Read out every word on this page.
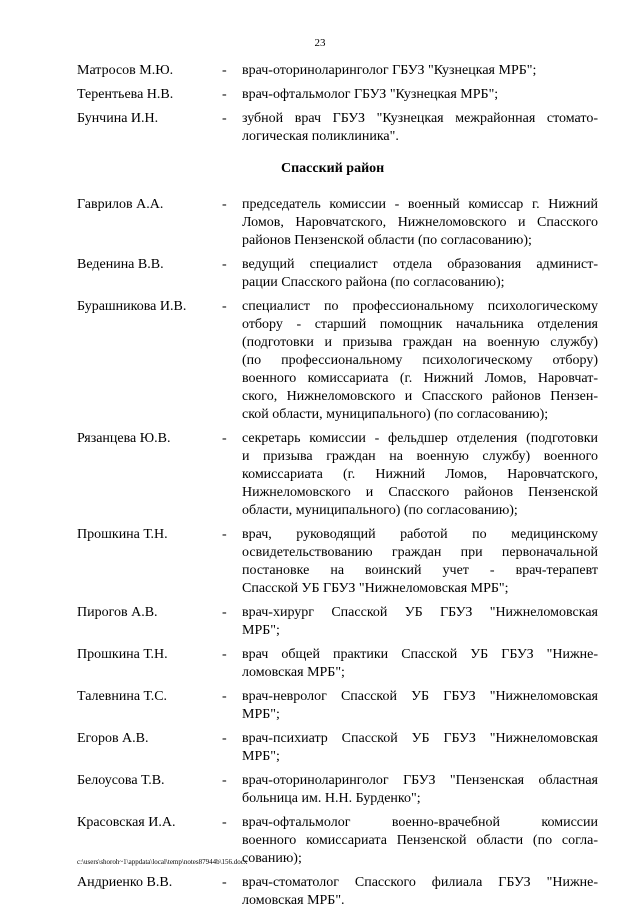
23
Матросов М.Ю.	-	врач-оториноларинголог ГБУЗ "Кузнецкая МРБ";
Терентьева Н.В.	-	врач-офтальмолог ГБУЗ "Кузнецкая МРБ";
Бунчина И.Н.	-	зубной врач ГБУЗ "Кузнецкая межрайонная стомато-
логическая поликлиника".
Спасский район
Гаврилов А.А.	-	председатель комиссии - военный комиссар г. Нижний
Ломов, Наровчатского, Нижнеломовского и Спасского
районов Пензенской области (по согласованию);
Веденина В.В.	-	ведущий специалист отдела образования админист-
рации Спасского района (по согласованию);
Бурашникова И.В.	-	специалист по профессиональному психологическому
отбору - старший помощник начальника отделения
(подготовки и призыва граждан на военную службу)
(по профессиональному психологическому отбору)
военного комиссариата (г. Нижний Ломов, Наровчат-
ского, Нижнеломовского и Спасского районов Пензен-
ской области, муниципального) (по согласованию);
Рязанцева Ю.В.	-	секретарь комиссии - фельдшер отделения (подготовки
и призыва граждан на военную службу) военного
комиссариата (г. Нижний Ломов, Наровчатского,
Нижнеломовского и Спасского районов Пензенской
области, муниципального) (по согласованию);
Прошкина Т.Н.	-	врач, руководящий работой по медицинскому
освидетельствованию граждан при первоначальной
постановке на воинский учет - врач-терапевт
Спасской УБ ГБУЗ "Нижнеломовская МРБ";
Пирогов А.В.	-	врач-хирург Спасской УБ ГБУЗ "Нижнеломовская
МРБ";
Прошкина Т.Н.	-	врач общей практики Спасской УБ ГБУЗ "Нижне-
ломовская МРБ";
Талевнина Т.С.	-	врач-невролог Спасской УБ ГБУЗ "Нижнеломовская
МРБ";
Егоров А.В.	-	врач-психиатр Спасской УБ ГБУЗ "Нижнеломовская
МРБ";
Белоусова Т.В.	-	врач-оториноларинголог ГБУЗ "Пензенская областная
больница им. Н.Н. Бурденко";
Красовская И.А.	-	врач-офтальмолог военно-врачебной комиссии
военного комиссариата Пензенской области (по согла-
сованию);
Андриенко В.В.	-	врач-стоматолог Спасского филиала ГБУЗ "Нижне-
ломовская МРБ".
c:\users\shoroh~1\appdata\local\temp\notes87944b\156.docx
